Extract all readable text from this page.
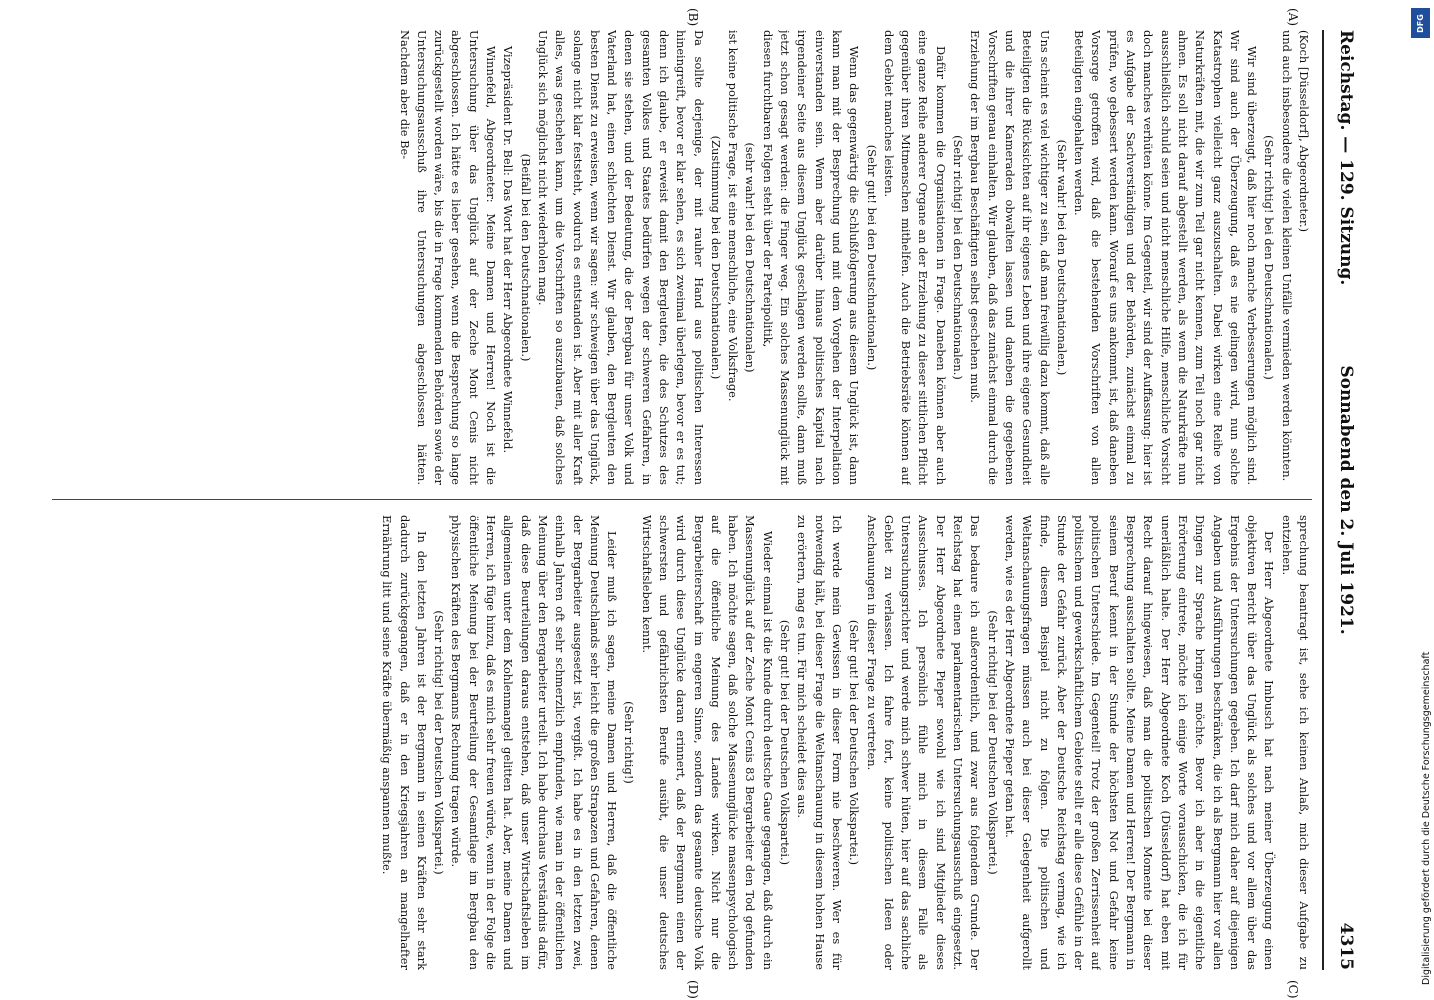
Reichstag. — 129. Sitzung.
Sonnabend den 2. Juli 1921.
4315
(A)
(B)
(C)
(D)

(Koch [Düsseldorf], Abgeordneter.)

und auch insbesondere die vielen kleinen Unfälle vermieden werden könnten.

(Sehr richtig! bei den Deutschnationalen.)

Wir sind überzeugt, daß hier noch manche Verbesserungen möglich sind. Wir sind auch der Überzeugung, daß es nie gelingen wird, nun solche Katastrophen vielleicht ganz auszuschalten. Dabei wirken eine Reihe von Naturkräften mit, die wir zum Teil gar nicht kennen, zum Teil noch gar nicht ahnen. Es soll nicht darauf abgestellt werden, als wenn die Naturkräfte nun ausschließlich schuld seien und nicht menschliche Hilfe, menschliche Vorsicht doch manches verhüten könne. Im Gegenteil, wir sind der Auffassung: hier ist es Aufgabe der Sachverständigen und der Behörden, zunächst einmal zu prüfen, wo gebessert werden kann. Worauf es uns ankommt, ist, daß daneben Vorsorge getroffen wird, daß die bestehenden Vorschriften von allen Beteiligten eingehalten werden.

(Sehr wahr! bei den Deutschnationalen.)

Uns scheint es viel wichtiger zu sein, daß man freiwillig dazu kommt, daß alle Beteiligten die Rücksichten auf ihr eigenes Leben und ihre eigene Gesundheit und die ihrer Kameraden obwalten lassen und daneben die gegebenen Vorschriften genau einhalten. Wir glauben, daß das zunächst einmal durch die Erziehung der im Bergbau Beschäftigten selbst geschehen muß.

(Sehr richtig! bei den Deutschnationalen.)

Dafür kommen die Organisationen in Frage. Daneben können aber auch eine ganze Reihe anderer Organe an der Erziehung zu dieser sittlichen Pflicht gegenüber ihren Mitmenschen mithelfen. Auch die Betriebsräte können auf dem Gebiet manches leisten.

(Sehr gut! bei den Deutschnationalen.)

Wenn das gegenwärtig die Schlußfolgerung aus diesem Unglück ist, dann kann man mit der Besprechung und mit dem Vorgehen der Interpellation einverstanden sein. Wenn aber darüber hinaus politisches Kapital nach irgendeiner Seite aus diesem Unglück geschlagen werden sollte, dann muß jetzt schon gesagt werden: die Finger weg. Ein solches Massenunglück mit diesen furchtbaren Folgen steht über der Parteipolitik,

(sehr wahr! bei den Deutschnationalen)

ist keine politische Frage, ist eine menschliche, eine Volksfrage.

(Zustimmung bei den Deutschnationalen.)

Da sollte derjenige, der mit rauher Hand aus politischen Interessen hineingreift, bevor er klar sehen, es sich zweimal überlegen, bevor er es tut; denn ich glaube, er erweist damit den Bergleuten, die des Schutzes des gesamten Volkes und Staates bedürfen wegen der schweren Gefahren, in denen sie stehen, und der Bedeutung, die der Bergbau für unser Volk und Vaterland hat, einen schlechten Dienst. Wir glauben, den Bergleuten den besten Dienst zu erweisen, wenn wir sagen: wir schweigen über das Unglück, solange nicht klar feststeht, wodurch es entstanden ist. Aber mit aller Kraft alles, was geschehen kann, um die Vorschriften so auszubauen, daß solches Unglück sich möglichst nicht wiederholen mag.

(Beifall bei den Deutschnationalen.)

Vizepräsident Dr. Bell: Das Wort hat der Herr Abgeordnete Winnefeld.

Winnefeld, Abgeordneter: Meine Damen und Herren! Noch ist die Untersuchung über das Unglück auf der Zeche Mont Cenis nicht abgeschlossen. Ich hätte es lieber gesehen, wenn die Besprechung so lange zurückgestellt worden wäre, bis die in Frage kommenden Behörden sowie der Untersuchungsausschuß ihre Untersuchungen abgeschlossen hätten. Nachdem aber die Be-

sprechung beantragt ist, sehe ich keinen Anlaß, mich dieser Aufgabe zu entziehen.

Der Herr Abgeordnete Imbusch hat nach meiner Überzeugung einen objektiven Bericht über das Unglück als solches und vor allem über das Ergebnis der Untersuchungen gegeben. Ich darf mich daher auf diejenigen Angaben und Ausführungen beschränken, die ich als Bergmann hier vor allen Dingen zur Sprache bringen möchte. Bevor ich aber in die eigentliche Erörterung eintrete, möchte ich einige Worte vorausschicken, die ich für unerläßlich halte. Der Herr Abgeordnete Koch (Düsseldorf) hat eben mit Recht darauf hingewiesen, daß man die politischen Momente bei dieser Besprechung ausschalten sollte. Meine Damen und Herren! Der Bergmann in seinem Beruf kennt in der Stunde der höchsten Not und Gefahr keine politischen Unterschiede. Im Gegenteil! Trotz der großen Zerrissenheit auf politischem und gewerkschaftlichem Gebiete stellt er alle diese Gefühle in der Stunde der Gefahr zurück. Aber der Deutsche Reichstag vermag, wie ich finde, diesem Beispiel nicht zu folgen. Die politischen und Weltanschauungsfragen müssen auch bei dieser Gelegenheit aufgerollt werden, wie es der Herr Abgeordnete Pieper getan hat.

(Sehr richtig! bei der Deutschen Volkspartei.)

Das bedaure ich außerordentlich, und zwar aus folgendem Grunde. Der Reichstag hat einen parlamentarischen Untersuchungsausschuß eingesetzt. Der Herr Abgeordnete Pieper sowohl wie ich sind Mitglieder dieses Ausschusses. Ich persönlich fühle mich in diesem Falle als Untersuchungsrichter und werde mich schwer hüten, hier auf das sachliche Gebiet zu verlassen. Ich fahre fort, keine politischen Ideen oder Anschauungen in dieser Frage zu vertreten.

(Sehr gut! bei der Deutschen Volkspartei.)

Ich werde mein Gewissen in dieser Form nie beschweren. Wer es für notwendig hält, bei dieser Frage die Weltanschauung in diesem hohen Hause zu erörtern, mag es tun. Für mich scheidet dies aus.

(Sehr gut! bei der Deutschen Volkspartei.)

Wieder einmal ist die Kunde durch deutsche Gaue gegangen, daß durch ein Massenunglück auf der Zeche Mont Cenis 83 Bergarbeiter den Tod gefunden haben. Ich möchte sagen, daß solche Massenunglücke massenpsychologisch auf die öffentliche Meinung des Landes wirken. Nicht nur die Bergarbeiterschaft im engeren Sinne, sondern das gesamte deutsche Volk wird durch diese Unglücke daran erinnert, daß der Bergmann einen der schwersten und gefährlichsten Berufe ausübt, die unser deutsches Wirtschaftsleben kennt.

(Sehr richtig!)

Leider muß ich sagen, meine Damen und Herren, daß die öffentliche Meinung Deutschlands sehr leicht die großen Strapazen und Gefahren, denen der Bergarbeiter ausgesetzt ist, vergißt. Ich habe es in den letzten zwei, einhalb Jahren oft sehr schmerzlich empfunden, wie man in der öffentlichen Meinung über den Bergarbeiter urteilt. Ich habe durchaus Verständnis dafür, daß diese Beurteilungen daraus entstehen, daß unser Wirtschaftsleben im allgemeinen unter dem Kohlenmangel gelitten hat. Aber, meine Damen und Herren, ich füge hinzu, daß es mich sehr freuen würde, wenn in der Folge die öffentliche Meinung bei der Beurteilung der Gesamtlage im Bergbau den physischen Kräften des Bergmanns Rechnung tragen würde.

(Sehr richtig! bei der Deutschen Volkspartei.)

In den letzten Jahren ist der Bergmann in seinen Kräften sehr stark dadurch zurückgegangen, daß er in den Kriegsjahren an mangelhafter Ernährung litt und seine Kräfte übermäßig anspannen mußte.

DFG
Digitalisierung gefördert durch die Deutsche Forschungsgemeinschaft
